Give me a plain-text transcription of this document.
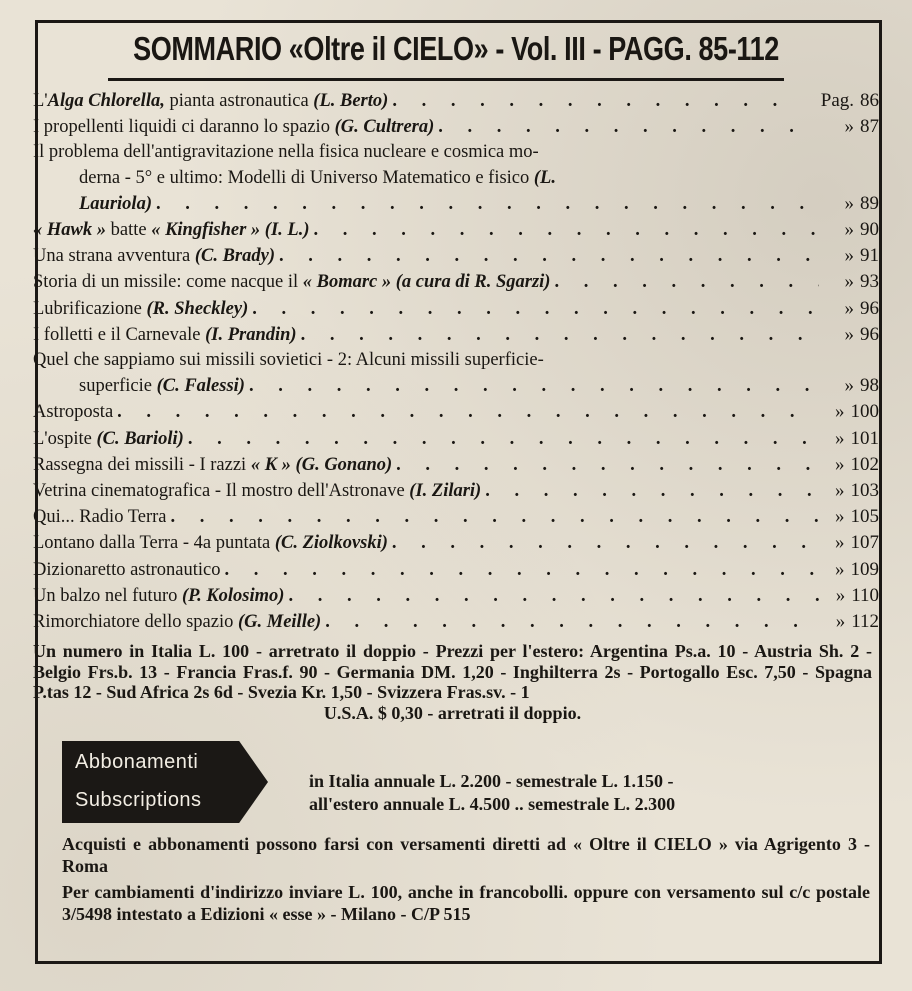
SOMMARIO «Oltre il CIELO» - Vol. III - PAGG. 85-112
L'Alga Chlorella, pianta astronautica (L. Berto) . . .	Pag. 86
I propellenti liquidi ci daranno lo spazio (G. Cultrera) . . .	» 87
Il problema dell'antigravitazione nella fisica nucleare e cosmica mo-
derna - 5° e ultimo: Modelli di Universo Matematico e fisico (L.
Lauriola) . . .	» 89
« Hawk » batte « Kingfisher » (I. L.) . . .	» 90
Una strana avventura (C. Brady) . . .	» 91
Storia di un missile: come nacque il « Bomarc » (a cura di R. Sgarzi) . . .	» 93
Lubrificazione (R. Sheckley) . . .	» 96
I folletti e il Carnevale (I. Prandin) . . .	» 96
Quel che sappiamo sui missili sovietici - 2: Alcuni missili superficie-
superficie (C. Falessi) . . .	» 98
Astroposta . . .	» 100
L'ospite (C. Barioli) . . .	» 101
Rassegna dei missili - I razzi « K » (G. Gonano) . . .	» 102
Vetrina cinematografica - Il mostro dell'Astronave (I. Zilari) . . .	» 103
Qui... Radio Terra . . .	» 105
Lontano dalla Terra - 4a puntata (C. Ziolkovski) . . .	» 107
Dizionaretto astronautico . . .	» 109
Un balzo nel futuro (P. Kolosimo) . . .	» 110
Rimorchiatore dello spazio (G. Meille) . . .	» 112
Un numero in Italia L. 100 - arretrato il doppio - Prezzi per l'estero: Argentina Ps.a. 10 - Austria Sh. 2 - Belgio Frs.b. 13 - Francia Fras.f. 90 - Germania DM. 1,20 - Inghilterra 2s - Portogallo Esc. 7,50 - Spagna P.tas 12 - Sud Africa 2s 6d - Svezia Kr. 1,50 - Svizzera Fras.sv. - 1
U.S.A. $ 0,30 - arretrati il doppio.
Abbonamenti
Subscriptions
in Italia annuale L. 2.200 - semestrale L. 1.150 -
all'estero annuale L. 4.500 .. semestrale L. 2.300

Acquisti e abbonamenti possono farsi con versamenti diretti ad « Oltre il CIELO » via Agrigento 3 - Roma

Per cambiamenti d'indirizzo inviare L. 100, anche in francobolli. oppure con versamento sul c/c postale 3/5498 intestato a Edizioni « esse » - Milano - C/P 515
